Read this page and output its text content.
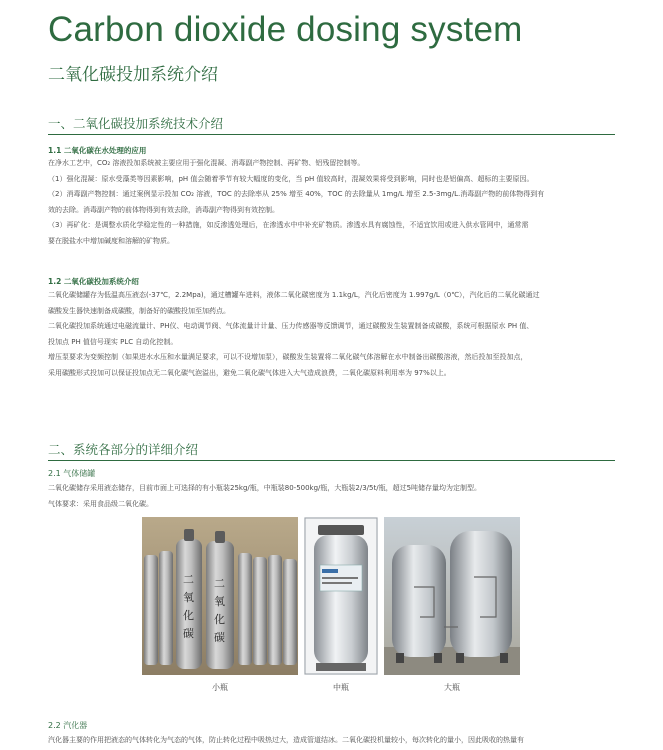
Carbon dioxide dosing system
二氧化碳投加系统介绍
一、二氧化碳投加系统技术介绍
1.1 二氧化碳在水处理的应用

在净水工艺中，CO₂ 溶液投加系统被主要应用于强化混凝、消毒副产物控制、再矿物、铝残留控制等。

（1）强化混凝：原水受藻类等因素影响，pH 值会随着季节有较大幅度的变化，当 pH 值较高时，混凝效果将受到影响，同时也是铝偏高、超标的主要原因。

（2）消毒副产物控制：通过案例显示投加 CO₂ 溶液，TOC 的去除率从 25% 增至 40%，TOC 的去除量从 1mg/L 增至 2.5-3mg/L.消毒副产物的前体物得到有

效的去除。消毒副产物的前体物得到有效去除，消毒副产物得到有效控制。

（3）再矿化：是调整水质化学稳定性的一种措施，如反渗透处理后，在渗透水中中补充矿物质。渗透水具有腐蚀性，不适宜饮用或进入供水管网中，通常需

要在脱盐水中增加碱度和溶解的矿物质。

1.2 二氧化碳投加系统介绍

二氧化碳储罐存为低温高压液态(-37℃，2.2Mpa)，通过槽罐车进料，液体二氧化碳密度为 1.1kg/L，汽化后密度为 1.997g/L（0℃），汽化后的二氧化碳通过

碳酸发生器快速制备成碳酸，制备好的碳酸投加至加药点。

二氧化碳投加系统通过电磁流量计、PH仪、电动调节阀、气体流量计计量、压力传感器等反馈调节，通过碳酸发生装置制备成碳酸，系统可根据原水 PH 值、

投加点 PH 值信号现实 PLC 自动化控制。

增压泵要求为变频控制（如果进水水压和水量满足要求，可以不设增加泵），碳酸发生装置将二氧化碳气体溶解在水中制备出碳酸溶液，然后投加至投加点，

采用碳酸形式投加可以保证投加点无二氧化碳气泡溢出，避免二氧化碳气体进入大气造成浪费，二氧化碳原料利用率为 97%以上。

二、系统各部分的详细介绍
2.1 气体储罐

二氧化碳储存采用液态储存，目前市面上可选择的有小瓶装25kg/瓶，中瓶装80-500kg/瓶，大瓶装2/3/5t/瓶，超过5吨储存量均为定制型。

气体要求：采用食品级二氧化碳。

二
氧
化
碳
二
氧
化
碳
小瓶	中瓶	大瓶
2.2 汽化器

汽化器主要的作用把液态的气体转化为气态的气体，防止转化过程中吸热过大，造成管道结冰。二氧化碳投机量较小，每次转化的量小，因此吸收的热量有
